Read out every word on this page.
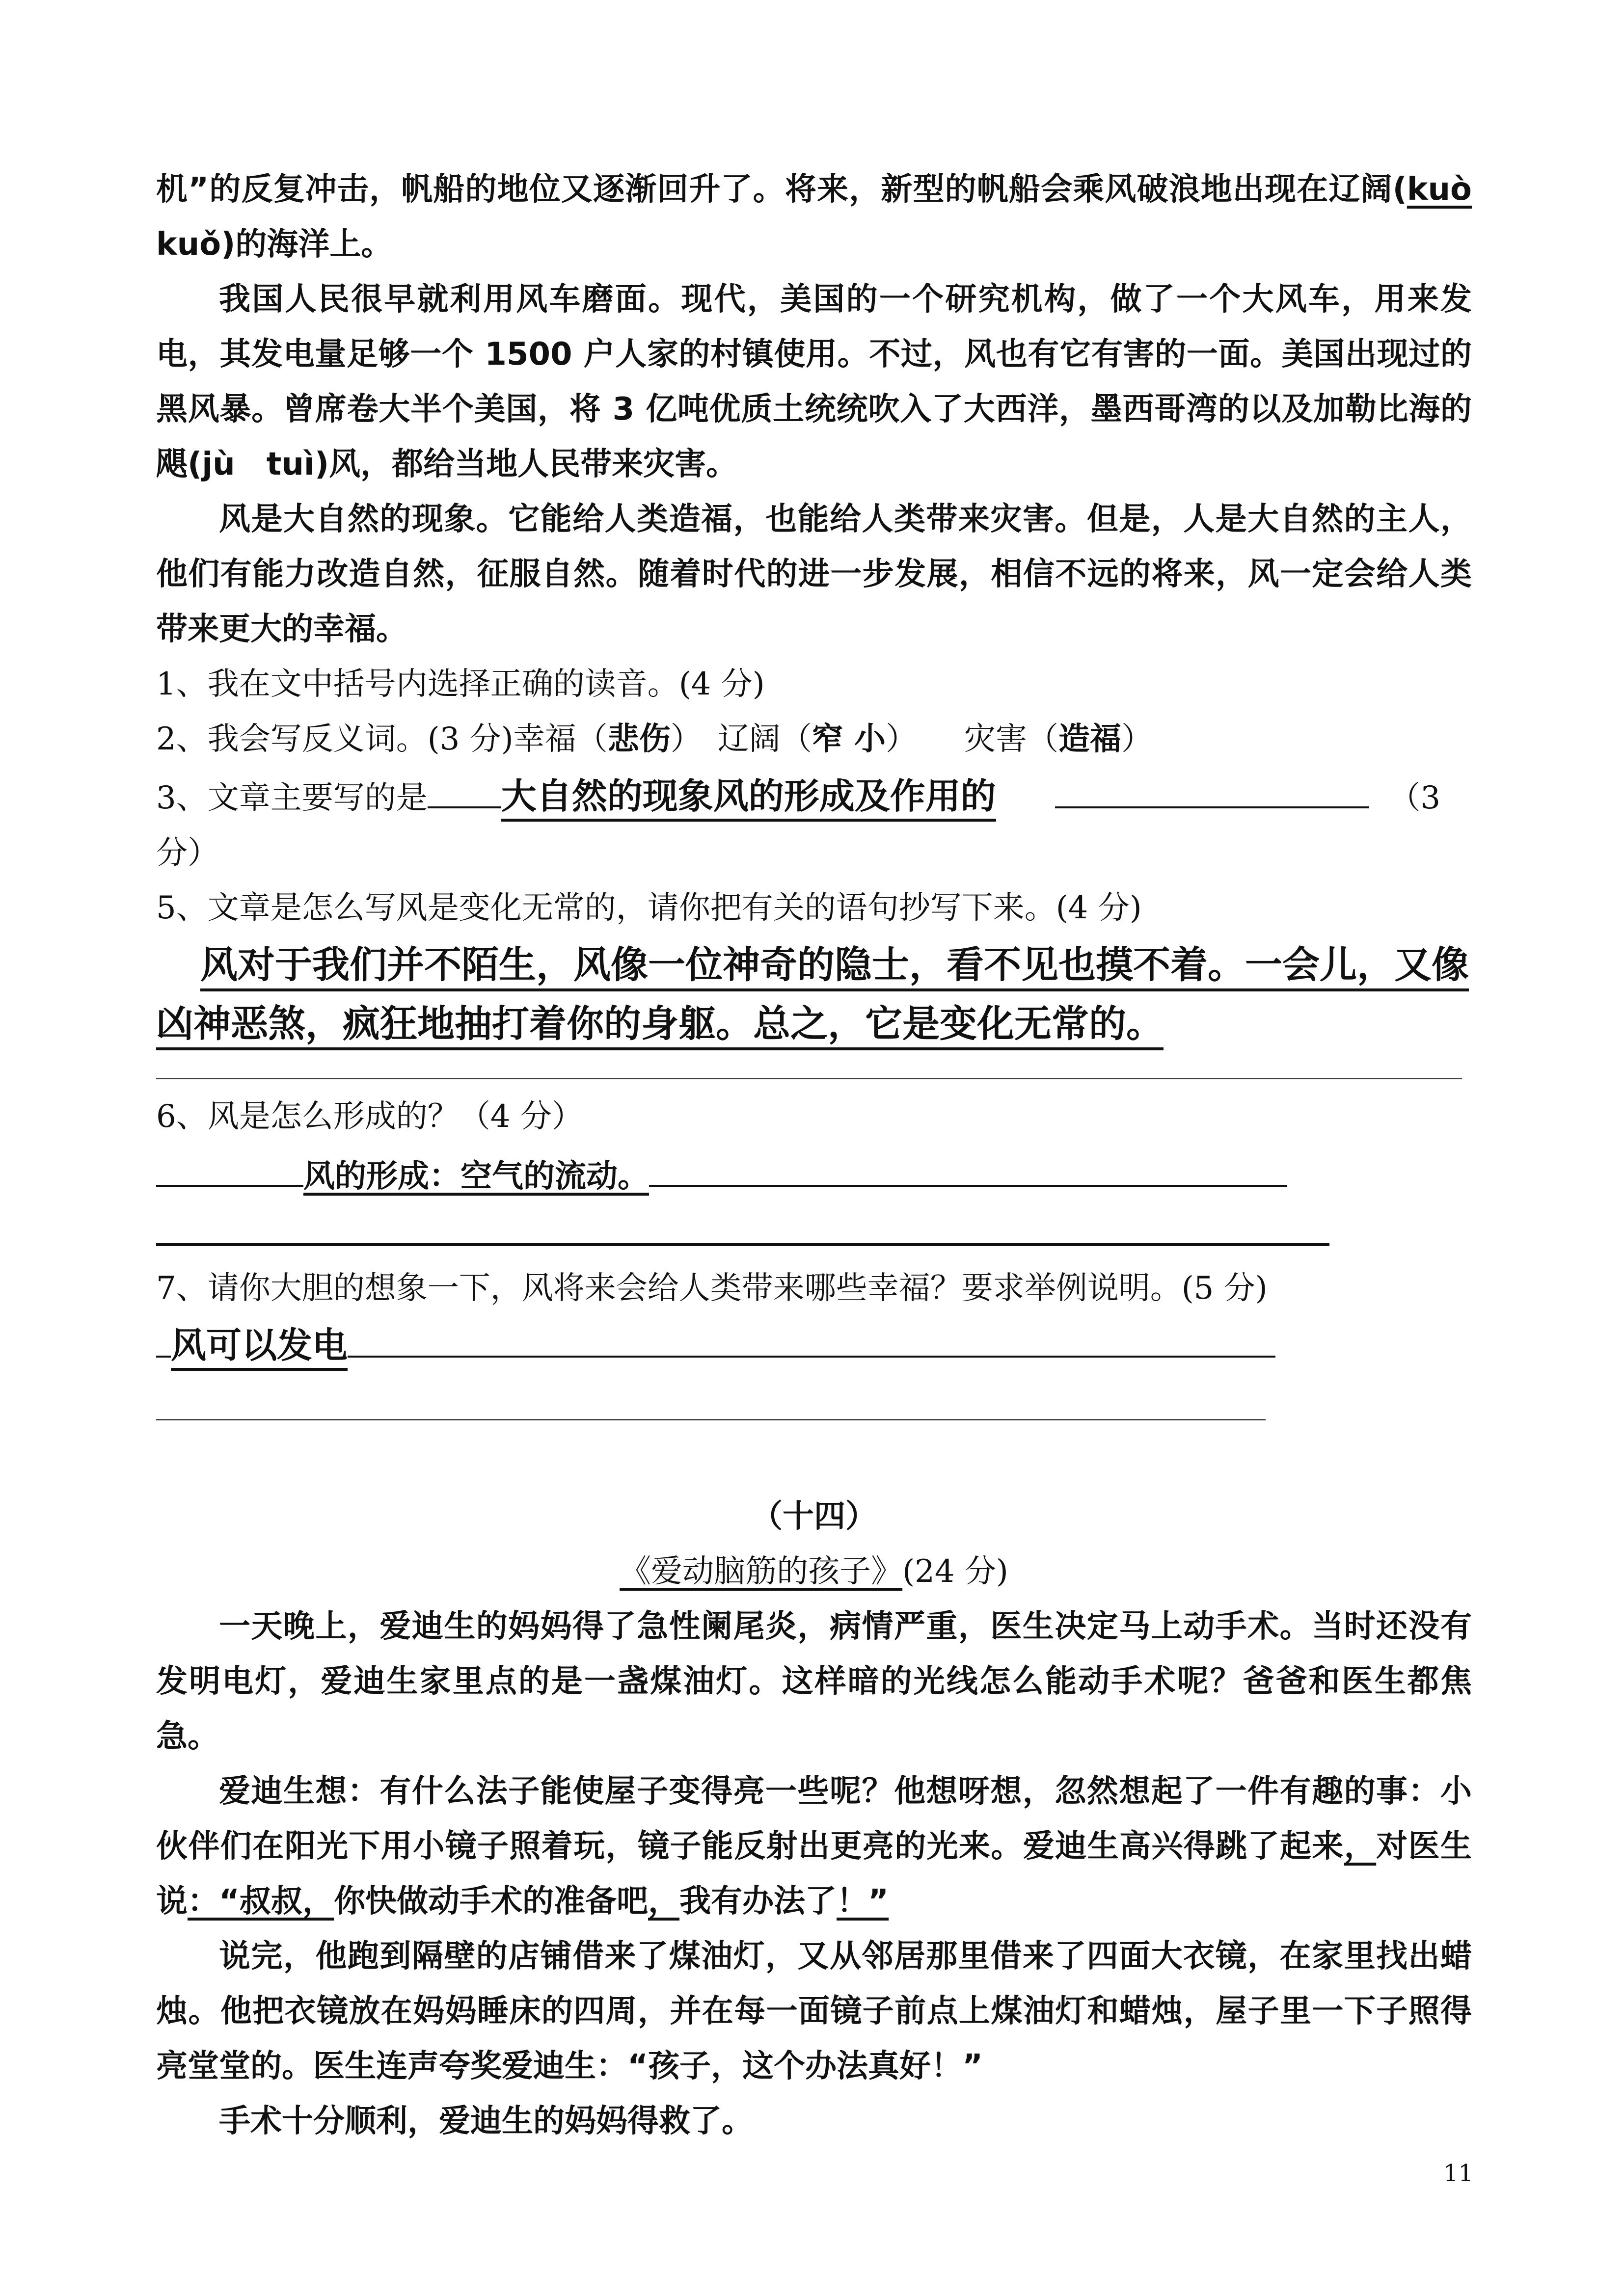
机”的反复冲击，帆船的地位又逐渐回升了。将来，新型的帆船会乘风破浪地出现在辽阔(kuò kuǒ)的海洋上。

我国人民很早就利用风车磨面。现代，美国的一个研究机构，做了一个大风车，用来发电，其发电量足够一个 1500 户人家的村镇使用。不过，风也有它有害的一面。美国出现过的黑风暴。曾席卷大半个美国，将 3 亿吨优质土统统吹入了大西洋，墨西哥湾的以及加勒比海的飓(jù　tuì)风，都给当地人民带来灾害。

风是大自然的现象。它能给人类造福，也能给人类带来灾害。但是，人是大自然的主人，他们有能力改造自然，征服自然。随着时代的进一步发展，相信不远的将来，风一定会给人类带来更大的幸福。

1、我在文中括号内选择正确的读音。(4 分)

2、我会写反义词。(3 分)幸福（悲伤）　辽阔（窄 小）　　灾害（造福）

3、文章主要写的是 大自然的现象风的形成及作用的	（3

分）

5、文章是怎么写风是变化无常的，请你把有关的语句抄写下来。(4 分)

风对于我们并不陌生，风像一位神奇的隐士，看不见也摸不着。一会儿，又像凶神恶煞，疯狂地抽打着你的身躯。总之，它是变化无常的。

6、风是怎么形成的？（4 分）

风的形成：空气的流动。

7、请你大胆的想象一下，风将来会给人类带来哪些幸福？要求举例说明。(5 分)

风可以发电

（十四）

《爱动脑筋的孩子》(24 分)

一天晚上，爱迪生的妈妈得了急性阑尾炎，病情严重，医生决定马上动手术。当时还没有发明电灯，爱迪生家里点的是一盏煤油灯。这样暗的光线怎么能动手术呢？爸爸和医生都焦急。

爱迪生想：有什么法子能使屋子变得亮一些呢？他想呀想，忽然想起了一件有趣的事：小伙伴们在阳光下用小镜子照着玩，镜子能反射出更亮的光来。爱迪生高兴得跳了起来，对医生说：“叔叔，你快做动手术的准备吧，我有办法了！”

说完，他跑到隔壁的店铺借来了煤油灯，又从邻居那里借来了四面大衣镜，在家里找出蜡烛。他把衣镜放在妈妈睡床的四周，并在每一面镜子前点上煤油灯和蜡烛，屋子里一下子照得亮堂堂的。医生连声夸奖爱迪生：“孩子，这个办法真好！”

手术十分顺利，爱迪生的妈妈得救了。

11
